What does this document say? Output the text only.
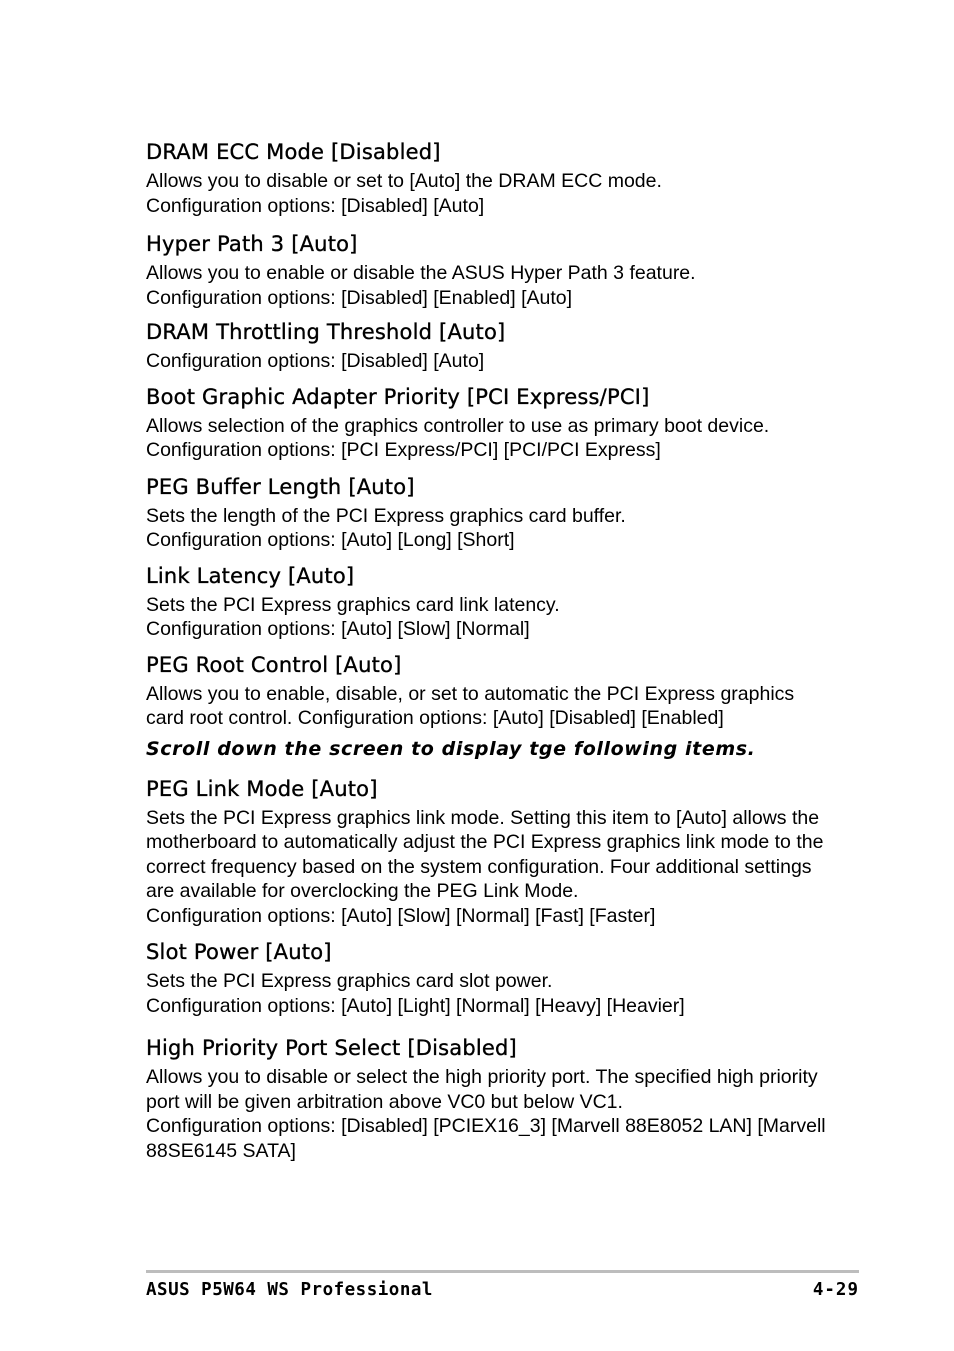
DRAM ECC Mode [Disabled]
Allows you to disable or set to [Auto] the DRAM ECC mode.
Configuration options: [Disabled] [Auto]
Hyper Path 3 [Auto]
Allows you to enable or disable the ASUS Hyper Path 3 feature.
Configuration options: [Disabled] [Enabled] [Auto]
DRAM Throttling Threshold [Auto]
Configuration options: [Disabled] [Auto]
Boot Graphic Adapter Priority [PCI Express/PCI]
Allows selection of the graphics controller to use as primary boot device.
Configuration options: [PCI Express/PCI] [PCI/PCI Express]
PEG Buffer Length [Auto]
Sets the length of the PCI Express graphics card buffer.
Configuration options: [Auto] [Long] [Short]
Link Latency [Auto]
Sets the PCI Express graphics card link latency.
Configuration options: [Auto] [Slow] [Normal]
PEG Root Control [Auto]
Allows you to enable, disable, or set to automatic the PCI Express graphics card root control. Configuration options: [Auto] [Disabled] [Enabled]
Scroll down the screen to display tge following items.
PEG Link Mode [Auto]
Sets the PCI Express graphics link mode. Setting this item to [Auto] allows the motherboard to automatically adjust the PCI Express graphics link mode to the correct frequency based on the system configuration. Four additional settings are available for overclocking the PEG Link Mode.
Configuration options: [Auto] [Slow] [Normal] [Fast] [Faster]
Slot Power [Auto]
Sets the PCI Express graphics card slot power.
Configuration options: [Auto] [Light] [Normal] [Heavy] [Heavier]
High Priority Port Select [Disabled]
Allows you to disable or select the high priority port. The specified high priority port will be given arbitration above VC0 but below VC1.
Configuration options: [Disabled] [PCIEX16_3] [Marvell 88E8052 LAN] [Marvell 88SE6145 SATA]
ASUS P5W64 WS Professional	4-29
